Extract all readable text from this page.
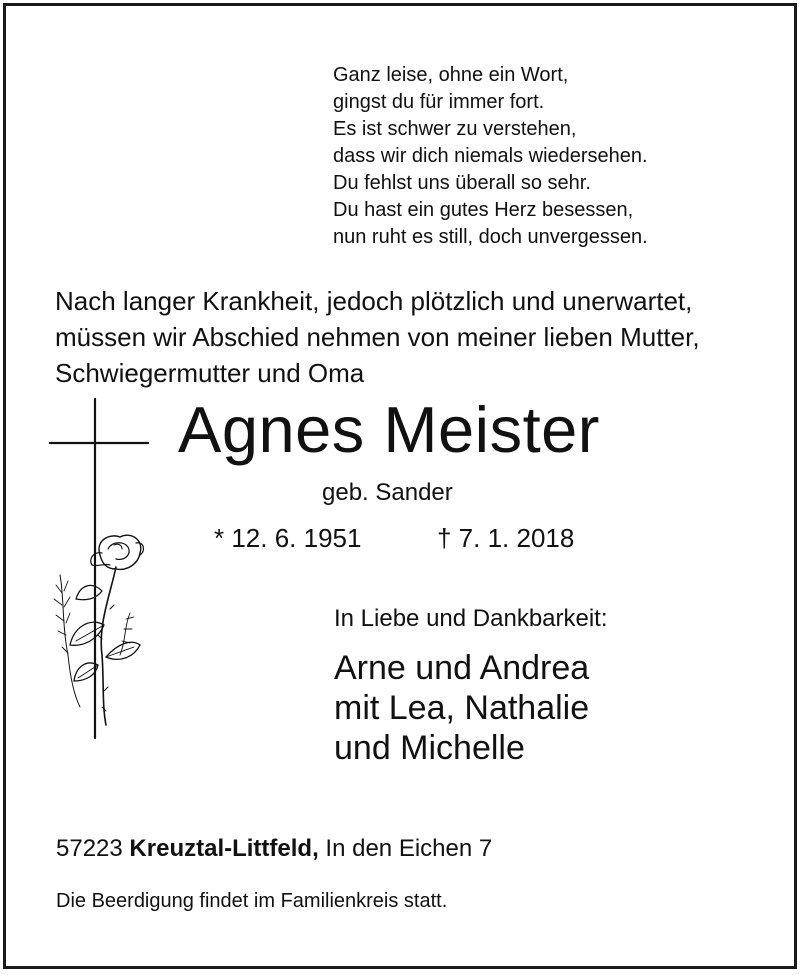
Ganz leise, ohne ein Wort,
gingst du für immer fort.
Es ist schwer zu verstehen,
dass wir dich niemals wiedersehen.
Du fehlst uns überall so sehr.
Du hast ein gutes Herz besessen,
nun ruht es still, doch unvergessen.
Nach langer Krankheit, jedoch plötzlich und unerwartet,
müssen wir Abschied nehmen von meiner lieben Mutter,
Schwiegermutter und Oma
Agnes Meister
geb. Sander
* 12. 6. 1951	† 7. 1. 2018
In Liebe und Dankbarkeit:
Arne und Andrea
mit Lea, Nathalie
und Michelle
57223 Kreuztal-Littfeld, In den Eichen 7
Die Beerdigung findet im Familienkreis statt.
